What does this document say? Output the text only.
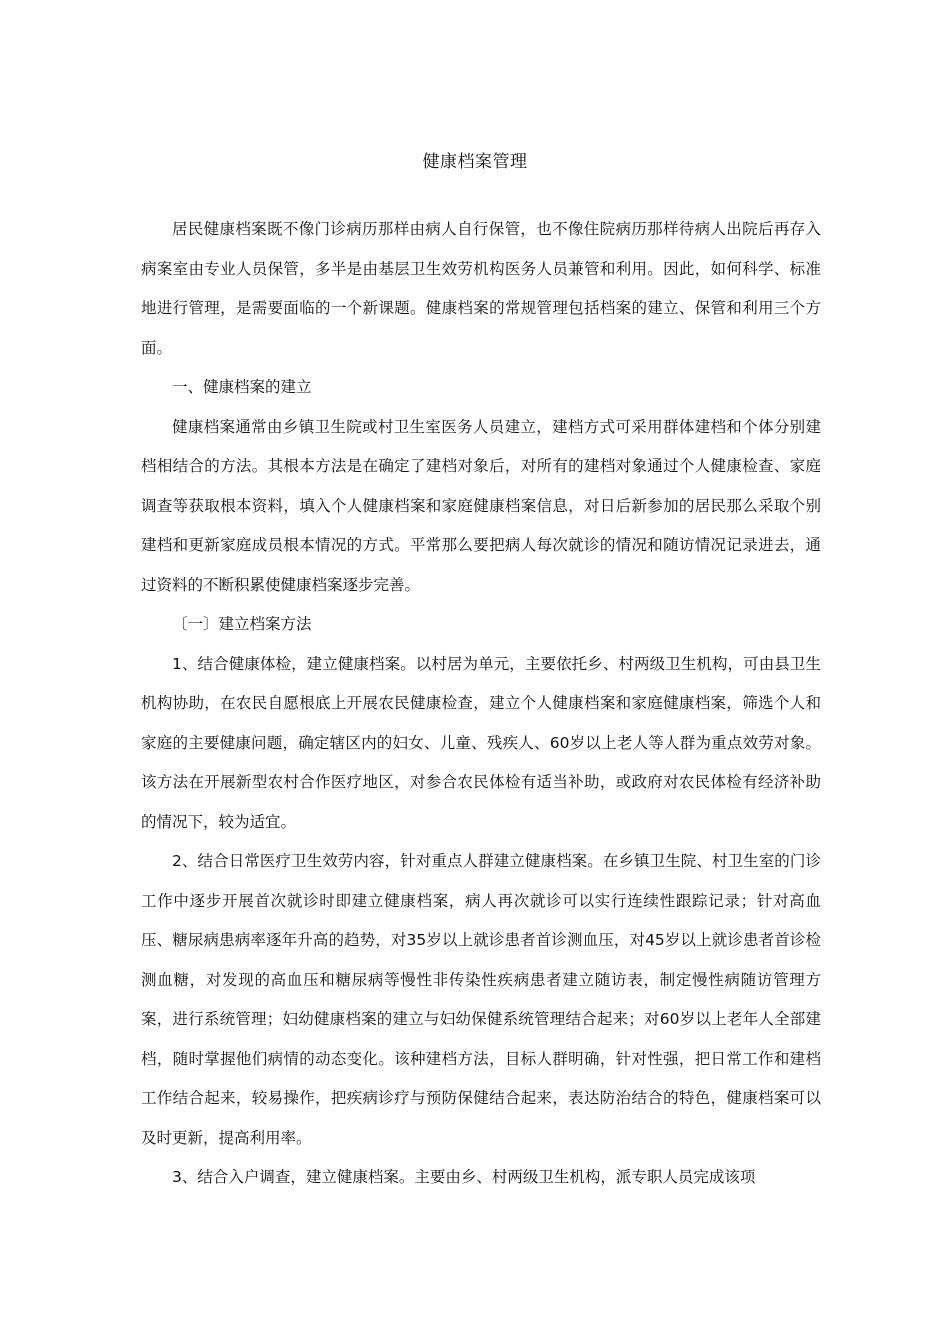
健康档案管理

居民健康档案既不像门诊病历那样由病人自行保管，也不像住院病历那样待病人出院后再存入病案室由专业人员保管，多半是由基层卫生效劳机构医务人员兼管和利用。因此，如何科学、标准地进行管理，是需要面临的一个新课题。健康档案的常规管理包括档案的建立、保管和利用三个方面。

一、健康档案的建立

健康档案通常由乡镇卫生院或村卫生室医务人员建立，建档方式可采用群体建档和个体分别建档相结合的方法。其根本方法是在确定了建档对象后，对所有的建档对象通过个人健康检查、家庭调查等获取根本资料，填入个人健康档案和家庭健康档案信息，对日后新参加的居民那么采取个别建档和更新家庭成员根本情况的方式。平常那么要把病人每次就诊的情况和随访情况记录进去，通过资料的不断积累使健康档案逐步完善。

〔一〕建立档案方法

1、结合健康体检，建立健康档案。以村居为单元，主要依托乡、村两级卫生机构，可由县卫生机构协助，在农民自愿根底上开展农民健康检查，建立个人健康档案和家庭健康档案，筛选个人和家庭的主要健康问题，确定辖区内的妇女、儿童、残疾人、60岁以上老人等人群为重点效劳对象。该方法在开展新型农村合作医疗地区，对参合农民体检有适当补助，或政府对农民体检有经济补助的情况下，较为适宜。

2、结合日常医疗卫生效劳内容，针对重点人群建立健康档案。在乡镇卫生院、村卫生室的门诊工作中逐步开展首次就诊时即建立健康档案，病人再次就诊可以实行连续性跟踪记录；针对高血压、糖尿病患病率逐年升高的趋势，对35岁以上就诊患者首诊测血压，对45岁以上就诊患者首诊检测血糖，对发现的高血压和糖尿病等慢性非传染性疾病患者建立随访表，制定慢性病随访管理方案，进行系统管理；妇幼健康档案的建立与妇幼保健系统管理结合起来；对60岁以上老年人全部建档，随时掌握他们病情的动态变化。该种建档方法，目标人群明确，针对性强，把日常工作和建档工作结合起来，较易操作，把疾病诊疗与预防保健结合起来，表达防治结合的特色，健康档案可以及时更新，提高利用率。

3、结合入户调查，建立健康档案。主要由乡、村两级卫生机构，派专职人员完成该项
